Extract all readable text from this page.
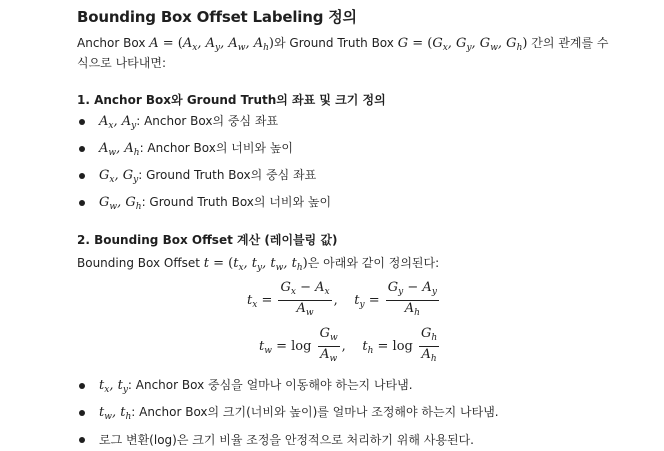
Bounding Box Offset Labeling 정의
Anchor Box $A = (A_x$, $A_y$, $A_w$, $A_h$)와 Ground Truth Box $G = (G_x$, $G_y$, $G_w$, $G_h$) 간의 관계를 수
식으로 나타내면:
1. Anchor Box와 Ground Truth의 좌표 및 크기 정의
$A_x$, $A_y$: Anchor Box의 중심 좌표
$A_w$, $A_h$: Anchor Box의 너비와 높이
$G_x$, $G_y$: Ground Truth Box의 중심 좌표
$G_w$, $G_h$: Ground Truth Box의 너비와 높이
2. Bounding Box Offset 계산 (레이블링 값)
Bounding Box Offset $t = (t_x$, $t_y$, $t_w$, $t_h$)은 아래와 같이 정의된다:
$t_x = \frac{G_x - A_x}{A_w}$ ,    $t_y = \frac{G_y - A_y}{A_h}$
$t_w = \log \frac{G_w}{A_w}$ ,    $t_h = \log \frac{G_h}{A_h}$
$t_x$, $t_y$: Anchor Box 중심을 얼마나 이동해야 하는지 나타냄.
$t_w$, $t_h$: Anchor Box의 크기(너비와 높이)를 얼마나 조정해야 하는지 나타냄.
로그 변환(log)은 크기 비율 조정을 안정적으로 처리하기 위해 사용된다.
